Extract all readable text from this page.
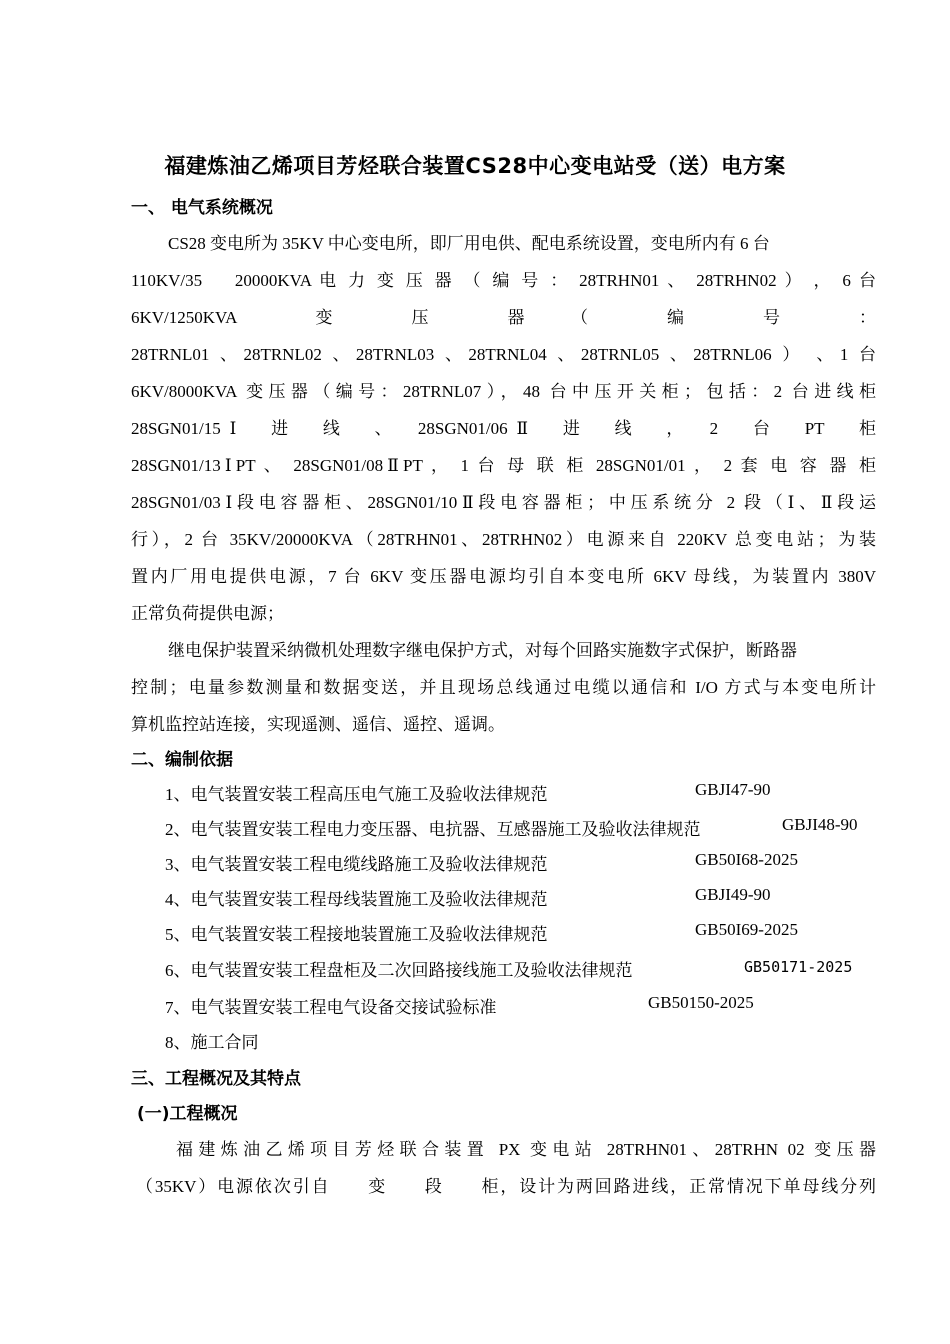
福建炼油乙烯项目芳烃联合装置CS28中心变电站受（送）电方案
一、 电气系统概况
CS28 变电所为 35KV 中心变电所，即厂用电供、配电系统设置，变电所内有 6 台
110KV/35　 20000KVA 电 力 变 压 器 （ 编 号 ： 28TRHN01 、 28TRHN02 ） ， 6 台
6KV/1250KVA　　　变　　　压　　　器　　（　　　编　　　号　　　：
28TRNL01 、28TRNL02 、28TRNL03 、28TRNL04 、28TRNL05 、28TRNL06 ） 、1 台
6KV/8000KVA 变压器（编号：28TRNL07），48 台中压开关柜；包括：2 台进线柜
28SGN01/15Ⅰ　进　线　、　28SGN01/06Ⅱ　进　线　，　2　台　PT　柜
28SGN01/13ⅠPT 、 28SGN01/08ⅡPT ， 1 台 母 联 柜 28SGN01/01 ， 2 套 电 容 器 柜
28SGN01/03Ⅰ段电容器柜、28SGN01/10Ⅱ段电容器柜；中压系统分 2 段（Ⅰ、Ⅱ段运
行），2 台 35KV/20000KVA（28TRHN01、28TRHN02）电源来自 220KV 总变电站；为装
置内厂用电提供电源，7 台 6KV 变压器电源均引自本变电所 6KV 母线，为装置内 380V
正常负荷提供电源；
继电保护装置采纳微机处理数字继电保护方式，对每个回路实施数字式保护，断路器
控制；电量参数测量和数据变送，并且现场总线通过电缆以通信和 I/O 方式与本变电所计
算机监控站连接，实现遥测、遥信、遥控、遥调。
二、编制依据
1、电气装置安装工程高压电气施工及验收法律规范	GBJI47-90
2、电气装置安装工程电力变压器、电抗器、互感器施工及验收法律规范	GBJI48-90
3、电气装置安装工程电缆线路施工及验收法律规范	GB50I68-2025
4、电气装置安装工程母线装置施工及验收法律规范	GBJI49-90
5、电气装置安装工程接地装置施工及验收法律规范	GB50I69-2025
6、电气装置安装工程盘柜及二次回路接线施工及验收法律规范	GB50171-2025
7、电气装置安装工程电气设备交接试验标准	GB50150-2025
8、施工合同
三、工程概况及其特点
(一)工程概况
福建炼油乙烯项目芳烃联合装置 PX 变电站 28TRHN01、28TRHN 02 变压器
（35KV）电源依次引自　　变　　段　　柜，设计为两回路进线，正常情况下单母线分列
